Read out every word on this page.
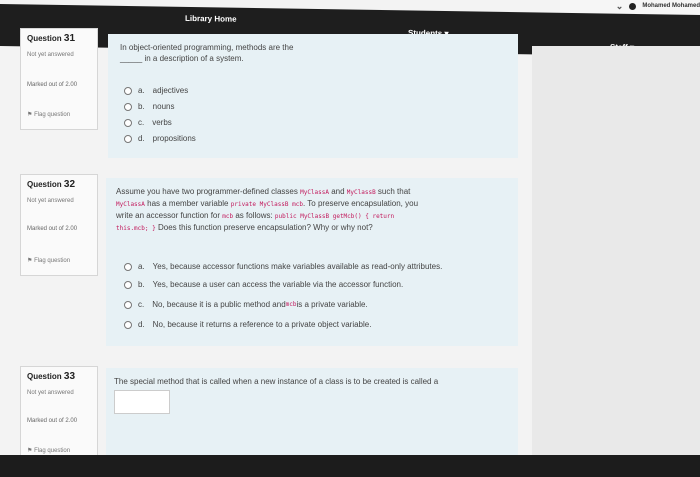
⌄	Mohamed Mohamed
Library Home
Question 31
Not yet answered
Marked out of 2.00
⚑ Flag question
In object-oriented programming, methods are the
_____ in a description of a system.
a. adjectives
b. nouns
c. verbs
d. propositions
Question 32
Not yet answered
Marked out of 2.00
⚑ Flag question
Assume you have two programmer-defined classes MyClassA and MyClassB such that
MyClassA has a member variable private MyClassB mcb. To preserve encapsulation, you
write an accessor function for mcb as follows: public MyClassB getMcb() { return
this.mcb; } Does this function preserve encapsulation? Why or why not?
a. Yes, because accessor functions make variables available as read-only attributes.
b. Yes, because a user can access the variable via the accessor function.
c. No, because it is a public method and mcb is a private variable.
d. No, because it returns a reference to a private object variable.
Question 33
Not yet answered
Marked out of 2.00
⚑ Flag question
The special method that is called when a new instance of a class is to be created is called a
